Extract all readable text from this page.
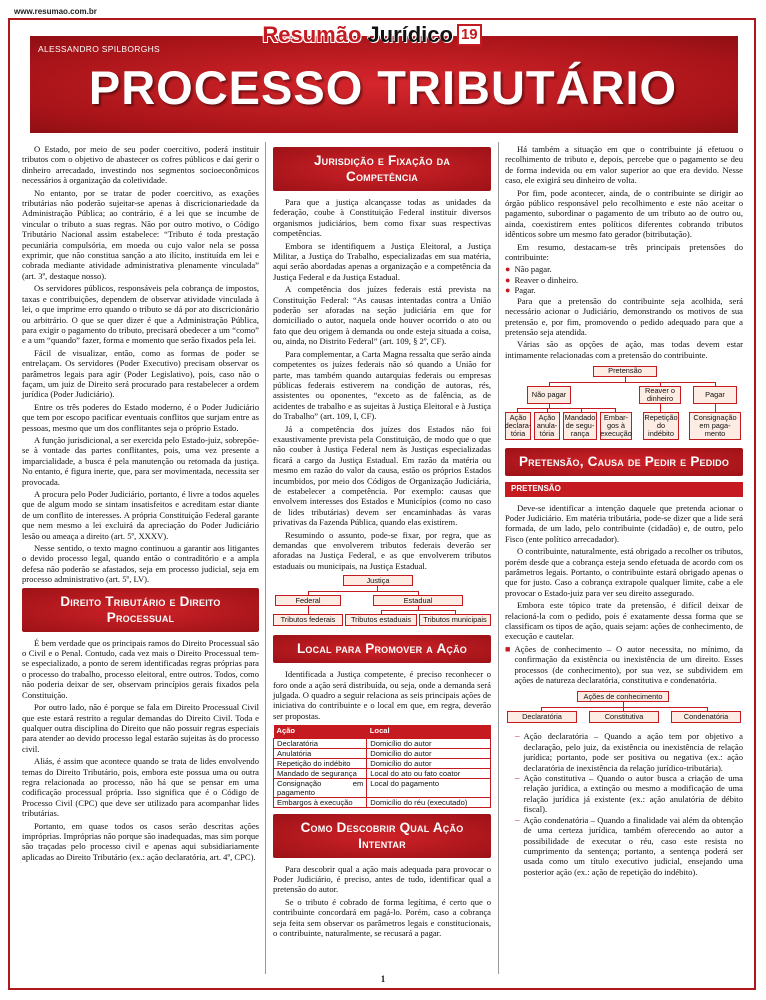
www.resumao.com.br
Resumão Jurídico 19
ALESSANDRO SPILBORGHS
PROCESSO TRIBUTÁRIO

O Estado, por meio de seu poder coercitivo, poderá instituir tributos com o objetivo de abastecer os cofres públicos e daí gerir o dinheiro arrecadado, investindo nos segmentos socioeconômicos necessários à organização da coletividade.

No entanto, por se tratar de poder coercitivo, as exações tributárias não poderão sujeitar-se apenas à discricionariedade da Administração Pública; ao contrário, é a lei que se incumbe de vincular o tributo a suas regras. Não por outro motivo, o Código Tributário Nacional assim estabelece: “Tributo é toda prestação pecuniária compulsória, em moeda ou cujo valor nela se possa exprimir, que não constitua sanção a ato ilícito, instituída em lei e cobrada mediante atividade administrativa plenamente vinculada” (art. 3º, destaque nosso).

Os servidores públicos, responsáveis pela cobrança de impostos, taxas e contribuições, dependem de observar atividade vinculada à lei, o que imprime erro quando o tributo se dá por ato discricionário ou arbitrário. O que se quer dizer é que a Administração Pública, para exigir o pagamento do tributo, precisará obedecer a um “como” e a um “quando” fazer, forma e momento que serão fixados pela lei.

Fácil de visualizar, então, como as formas de poder se entrelaçam. Os servidores (Poder Executivo) precisam observar os parâmetros legais para agir (Poder Legislativo), pois, caso não o façam, um juiz de Direito será procurado para restabelecer a ordem jurídica (Poder Judiciário).

Entre os três poderes do Estado moderno, é o Poder Judiciário que tem por escopo pacificar eventuais conflitos que surjam entre as pessoas, mesmo que um dos conflitantes seja o próprio Estado.

A função jurisdicional, a ser exercida pelo Estado-juiz, sobrepõe-se à vontade das partes conflitantes, pois, uma vez presente a imparcialidade, a busca é pela manutenção ou retomada da justiça. No entanto, é figura inerte, que, para ser movimentada, necessita ser provocada.

A procura pelo Poder Judiciário, portanto, é livre a todos aqueles que de algum modo se sintam insatisfeitos e acreditam estar diante de um conflito de interesses. A própria Constituição Federal garante que nem mesmo a lei excluirá da apreciação do Poder Judiciário lesão ou ameaça a direito (art. 5º, XXXV).

Nesse sentido, o texto magno continuou a garantir aos litigantes o devido processo legal, quando então o contraditório e a ampla defesa não poderão se afastados, seja em processo judicial, seja em processo administrativo (art. 5º, LV).

Direito Tributário e Direito Processual

É bem verdade que os principais ramos do Direito Processual são o Civil e o Penal. Contudo, cada vez mais o Direito Processual tem-se especializado, a ponto de serem identificadas regras próprias para o processo do trabalho, processo eleitoral, entre outros. Todos, como não poderia deixar de ser, observam princípios gerais fixados pela Constituição.

Por outro lado, não é porque se fala em Direito Processual Civil que este estará restrito a regular demandas do Direito Civil. Toda e qualquer outra disciplina do Direito que não possuir regras especiais para atender ao devido processo legal estarão sujeitas às do processo civil.

Aliás, é assim que acontece quando se trata de lides envolvendo temas do Direito Tributário, pois, embora este possua uma ou outra regra relacionada ao processo, não há que se pensar em uma codificação processual própria. Isso significa que é o Código de Processo Civil (CPC) que deve ser utilizado para acompanhar lides tributárias.

Portanto, em quase todos os casos serão descritas ações impróprias. Impróprias não porque são inadequadas, mas sim porque são traçadas pelo processo civil e apenas aqui subsidiariamente aplicadas ao Direito Tributário (ex.: ação declaratória, art. 4º, CPC).

Jurisdição e Fixação da Competência

Para que a justiça alcançasse todas as unidades da federação, coube à Constituição Federal instituir diversos organismos judiciários, bem como fixar suas respectivas competências.

Embora se identifiquem a Justiça Eleitoral, a Justiça Militar, a Justiça do Trabalho, especializadas em sua matéria, aqui serão abordadas apenas a organização e a competência da Justiça Federal e da Justiça Estadual.

A competência dos juízes federais está prevista na Constituição Federal: “As causas intentadas contra a União poderão ser aforadas na seção judiciária em que for domiciliado o autor, naquela onde houver ocorrido o ato ou fato que deu origem à demanda ou onde esteja situada a coisa, ou, ainda, no Distrito Federal” (art. 109, § 2º, CF).

Para complementar, a Carta Magna ressalta que serão ainda competentes os juízes federais não só quando a União for parte, mas também quando autarquias federais ou empresas públicas federais estiverem na condição de autoras, rés, assistentes ou oponentes, “exceto as de falência, as de acidentes de trabalho e as sujeitas à Justiça Eleitoral e à Justiça do Trabalho” (art. 109, I, CF).

Já a competência dos juízes dos Estados não foi exaustivamente prevista pela Constituição, de modo que o que não couber à Justiça Federal nem às Justiças especializadas ficará a cargo da Justiça Estadual. Em razão da matéria ou mesmo em razão do valor da causa, estão os próprios Estados incumbidos, por meio dos Códigos de Organização Judiciária, de estabelecer a competência. Por exemplo: causas que envolvem interesses dos Estados e Municípios (como no caso de lides tributárias) devem ser encaminhadas às varas privativas da Fazenda Pública, quando elas existirem.

Resumindo o assunto, pode-se fixar, por regra, que as demandas que envolverem tributos federais deverão ser aforadas na Justiça Federal, e as que envolverem tributos estaduais ou municipais, na Justiça Estadual.

Justiça
Federal	Estadual
Tributos federais	Tributos estaduais	Tributos municipais
Local para Promover a Ação

Identificada a Justiça competente, é preciso reconhecer o foro onde a ação será distribuída, ou seja, onde a demanda será julgada. O quadro a seguir relaciona as seis principais ações de iniciativa do contribuinte e o local em que, em regra, deverão ser propostas.

Ação	Local
Declaratória	Domicílio do autor
Anulatória	Domicílio do autor
Repetição do indébito	Domicílio do autor
Mandado de segurança	Local do ato ou fato coator
Consignação em pagamento	Local do pagamento
Embargos à execução	Domicílio do réu (executado)
Como Descobrir Qual Ação Intentar

Para descobrir qual a ação mais adequada para provocar o Poder Judiciário, é preciso, antes de tudo, identificar qual a pretensão do autor.

Se o tributo é cobrado de forma legítima, é certo que o contribuinte concordará em pagá-lo. Porém, caso a cobrança seja feita sem observar os parâmetros legais e constitucionais, o contribuinte, naturalmente, se recusará a pagar.

Há também a situação em que o contribuinte já efetuou o recolhimento de tributo e, depois, percebe que o pagamento se deu de forma indevida ou em valor superior ao que era devido. Nesse caso, ele exigirá seu dinheiro de volta.

Por fim, pode acontecer, ainda, de o contribuinte se dirigir ao órgão público responsável pelo recolhimento e este não aceitar o pagamento, subordinar o pagamento de um tributo ao de outro ou, ainda, coexistirem entes políticos diferentes cobrando tributos idênticos sobre um mesmo fato gerador (bitributação).

Em resumo, destacam-se três principais pretensões do contribuinte:

● Não pagar.
● Reaver o dinheiro.
● Pagar.

Para que a pretensão do contribuinte seja acolhida, será necessário acionar o Judiciário, demonstrando os motivos de sua pretensão e, por fim, promovendo o pedido adequado para que a pretensão seja atendida.

Várias são as opções de ação, mas todas devem estar intimamente relacionadas com a pretensão do contribuinte.

Pretensão
Não pagar	Reaver o dinheiro	Pagar
Ação declara-tória
Ação anula-tória
Mandado de segu-rança
Embar-gos à execução
Repetição do indébito
Consignação em paga-mento
Pretensão, Causa de Pedir e Pedido
PRETENSÃO

Deve-se identificar a intenção daquele que pretenda acionar o Poder Judiciário. Em matéria tributária, pode-se dizer que a lide será formada, de um lado, pelo contribuinte (cidadão) e, de outro, pelo Fisco (ente político arrecadador).

O contribuinte, naturalmente, está obrigado a recolher os tributos, porém desde que a cobrança esteja sendo efetuada de acordo com os parâmetros legais. Portanto, o contribuinte estará obrigado apenas o que for justo. Caso a cobrança extrapole qualquer limite, cabe a ele provocar o Estado-juiz para ver seu direito assegurado.

Embora este tópico trate da pretensão, é difícil deixar de relacioná-la com o pedido, pois é exatamente dessa forma que se classificam os tipos de ação, quais sejam: ações de conhecimento, de execução e cautelar.

■ Ações de conhecimento – O autor necessita, no mínimo, da confirmação da existência ou inexistência de um direito. Esses processos (de conhecimento), por sua vez, se subdividem em ações de natureza declaratória, constitutiva e condenatória.
Ações de conhecimento
Declaratória	Constitutiva	Condenatória
– Ação declaratória – Quando a ação tem por objetivo a declaração, pelo juiz, da existência ou inexistência de relação jurídica; portanto, pode ser positiva ou negativa (ex.: ação declaratória de inexistência da relação jurídico-tributária).
– Ação constitutiva – Quando o autor busca a criação de uma relação jurídica, a extinção ou mesmo a modificação de uma relação jurídica já existente (ex.: ação anulatória de débito fiscal).
– Ação condenatória – Quando a finalidade vai além da obtenção de uma certeza jurídica, também oferecendo ao autor a possibilidade de executar o réu, caso este resista no cumprimento da sentença; portanto, a sentença poderá ser usada como um título executivo judicial, ensejando uma posterior ação (ex.: ação de repetição do indébito).
1
